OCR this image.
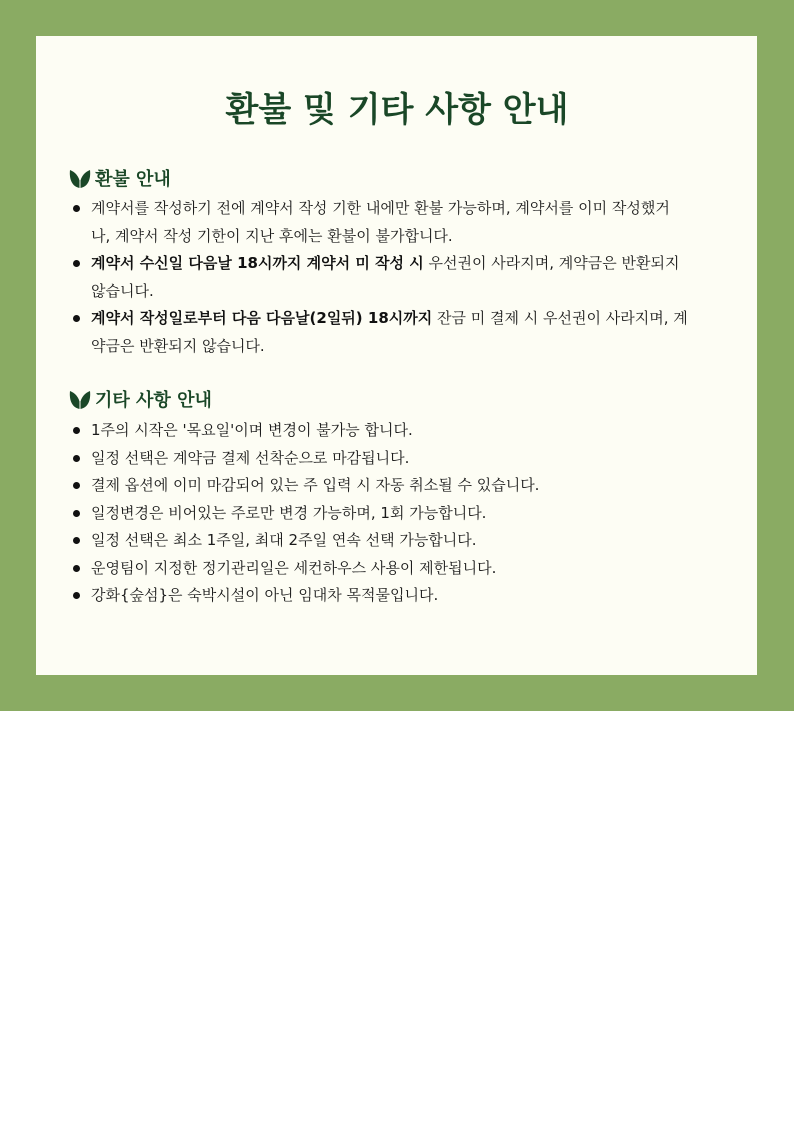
환불 및 기타 사항 안내
환불 안내
계약서를 작성하기 전에 계약서 작성 기한 내에만 환불 가능하며, 계약서를 이미 작성했거나, 계약서 작성 기한이 지난 후에는 환불이 불가합니다.
계약서 수신일 다음날 18시까지 계약서 미 작성 시 우선권이 사라지며, 계약금은 반환되지 않습니다.
계약서 작성일로부터 다음 다음날(2일뒤) 18시까지 잔금 미 결제 시 우선권이 사라지며, 계약금은 반환되지 않습니다.
기타 사항 안내
1주의 시작은 '목요일'이며 변경이 불가능 합니다.
일정 선택은 계약금 결제 선착순으로 마감됩니다.
결제 옵션에 이미 마감되어 있는 주 입력 시 자동 취소될 수 있습니다.
일정변경은 비어있는 주로만 변경 가능하며, 1회 가능합니다.
일정 선택은 최소 1주일, 최대 2주일 연속 선택 가능합니다.
운영팀이 지정한 정기관리일은 세컨하우스 사용이 제한됩니다.
강화{숲섬}은 숙박시설이 아닌 임대차 목적물입니다.
